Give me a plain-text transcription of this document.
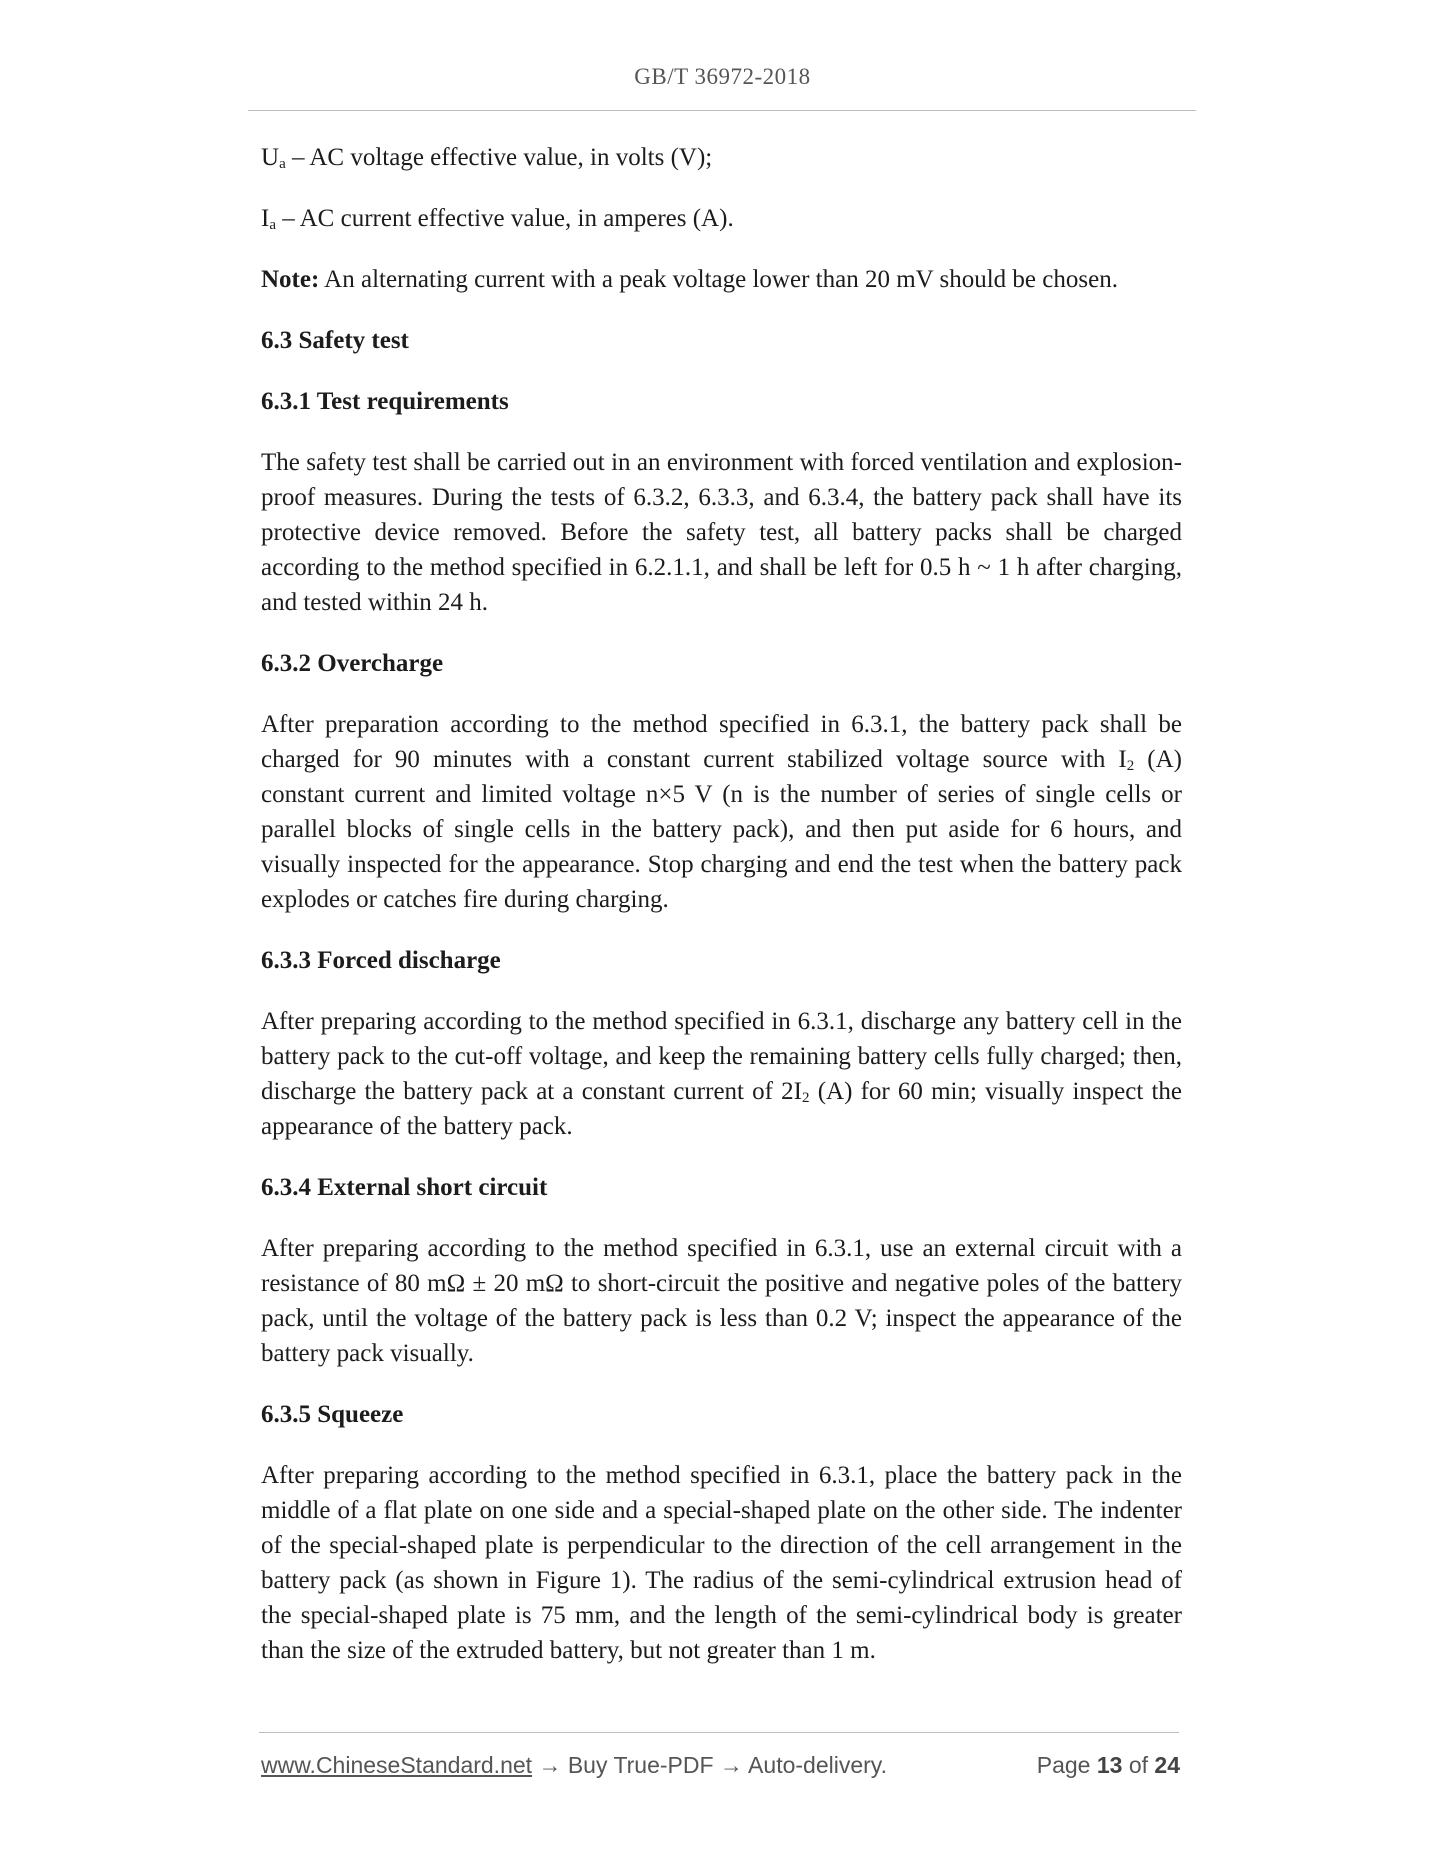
GB/T 36972-2018

$U_a$ – AC voltage effective value, in volts (V);

$I_a$ – AC current effective value, in amperes (A).

Note: An alternating current with a peak voltage lower than 20 mV should be chosen.

6.3 Safety test

6.3.1 Test requirements

The safety test shall be carried out in an environment with forced ventilation and explosion-proof measures. During the tests of 6.3.2, 6.3.3, and 6.3.4, the battery pack shall have its protective device removed. Before the safety test, all battery packs shall be charged according to the method specified in 6.2.1.1, and shall be left for 0.5 h ~ 1 h after charging, and tested within 24 h.

6.3.2 Overcharge

After preparation according to the method specified in 6.3.1, the battery pack shall be charged for 90 minutes with a constant current stabilized voltage source with $I_2$ (A) constant current and limited voltage n×5 V (n is the number of series of single cells or parallel blocks of single cells in the battery pack), and then put aside for 6 hours, and visually inspected for the appearance. Stop charging and end the test when the battery pack explodes or catches fire during charging.

6.3.3 Forced discharge

After preparing according to the method specified in 6.3.1, discharge any battery cell in the battery pack to the cut-off voltage, and keep the remaining battery cells fully charged; then, discharge the battery pack at a constant current of $2I_2$ (A) for 60 min; visually inspect the appearance of the battery pack.

6.3.4 External short circuit

After preparing according to the method specified in 6.3.1, use an external circuit with a resistance of 80 mΩ ± 20 mΩ to short-circuit the positive and negative poles of the battery pack, until the voltage of the battery pack is less than 0.2 V; inspect the appearance of the battery pack visually.

6.3.5 Squeeze

After preparing according to the method specified in 6.3.1, place the battery pack in the middle of a flat plate on one side and a special-shaped plate on the other side. The indenter of the special-shaped plate is perpendicular to the direction of the cell arrangement in the battery pack (as shown in Figure 1). The radius of the semi-cylindrical extrusion head of the special-shaped plate is 75 mm, and the length of the semi-cylindrical body is greater than the size of the extruded battery, but not greater than 1 m.

www.ChineseStandard.net → Buy True-PDF → Auto-delivery.	Page 13 of 24
